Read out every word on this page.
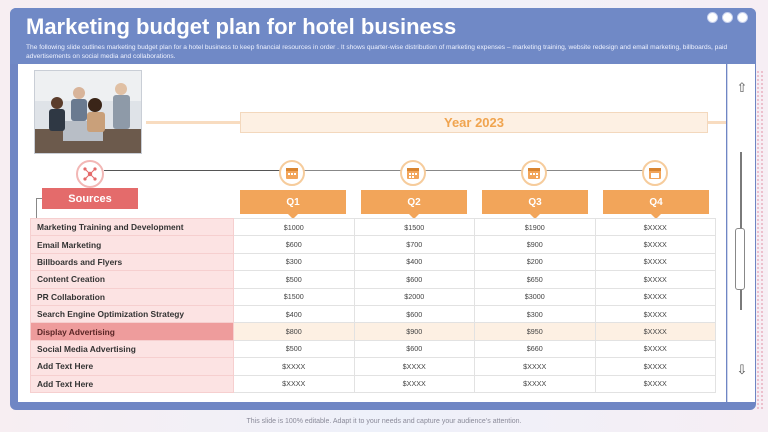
Marketing budget plan for hotel business
The following slide outlines marketing budget plan for a hotel business to keep financial resources in order . It shows quarter-wise distribution of marketing expenses – marketing training, website redesign and email marketing, billboards, paid advertisements on social media and collaborations.
⇧
⇩
Year 2023
Sources	Q1	Q2	Q3	Q4
Marketing Training and Development	$1000	$1500	$1900	$XXXX
Email Marketing	$600	$700	$900	$XXXX
Billboards and Flyers	$300	$400	$200	$XXXX
Content Creation	$500	$600	$650	$XXXX
PR Collaboration	$1500	$2000	$3000	$XXXX
Search Engine Optimization Strategy	$400	$600	$300	$XXXX
Display Advertising	$800	$900	$950	$XXXX
Social Media Advertising	$500	$600	$660	$XXXX
Add Text Here	$XXXX	$XXXX	$XXXX	$XXXX
Add Text Here	$XXXX	$XXXX	$XXXX	$XXXX
This slide is 100% editable. Adapt it to your needs and capture your audience’s attention.
